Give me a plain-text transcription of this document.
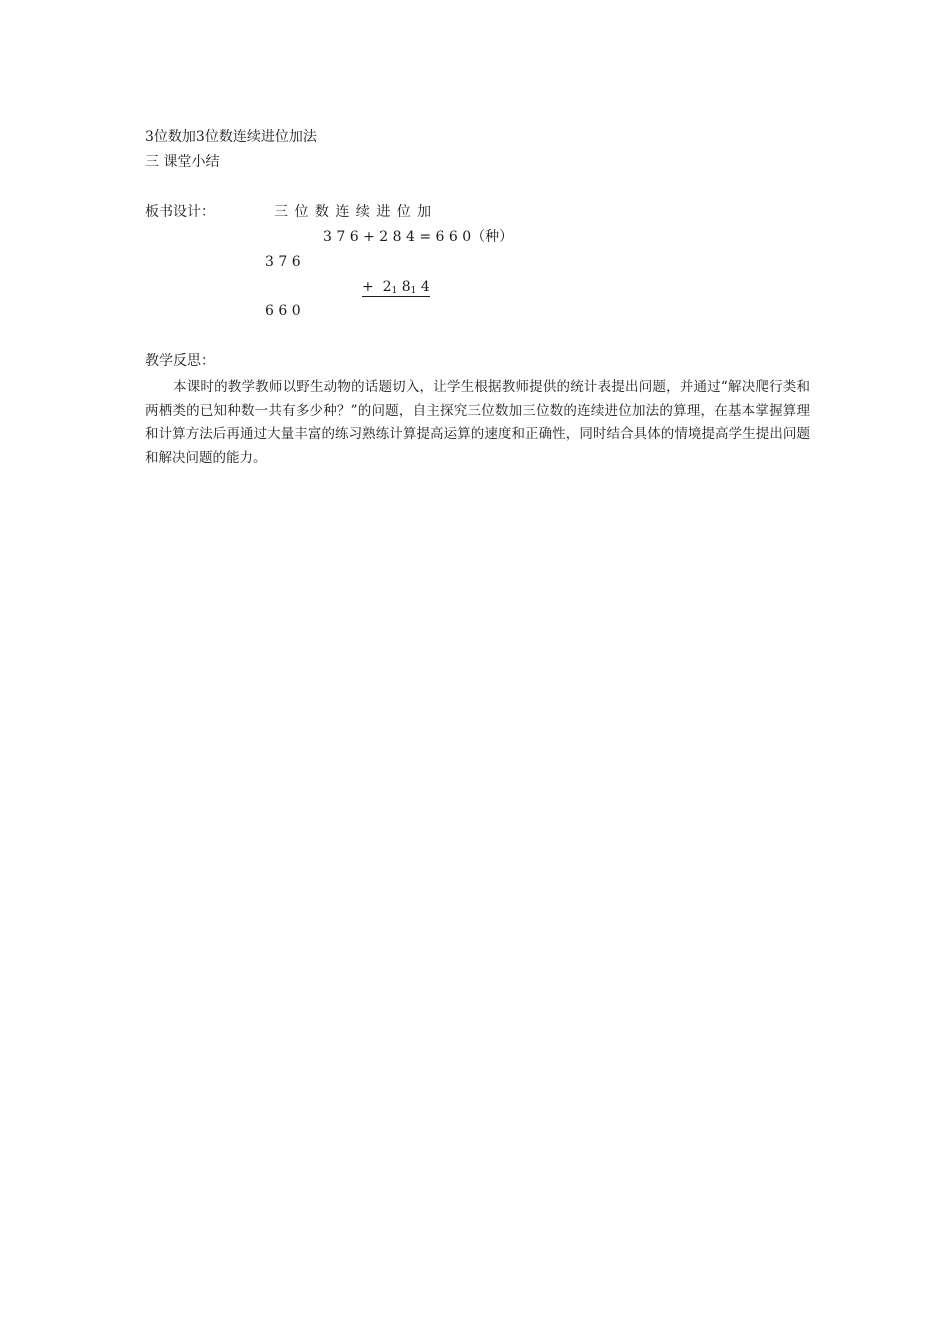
3位数加3位数连续进位加法
三 课堂小结
板书设计：	三 位 数 连 续 进 位 加
3 7 6 + 2 8 4 = 6 6 0（种）
3 7 6
+ $2_1$ $8_1$ 4
6 6 0
教学反思：
本课时的教学教师以野生动物的话题切入，让学生根据教师提供的统计表提出问题，并通过“解决爬行类和两栖类的已知种数一共有多少种？”的问题，自主探究三位数加三位数的连续进位加法的算理，在基本掌握算理和计算方法后再通过大量丰富的练习熟练计算提高运算的速度和正确性，同时结合具体的情境提高学生提出问题和解决问题的能力。
